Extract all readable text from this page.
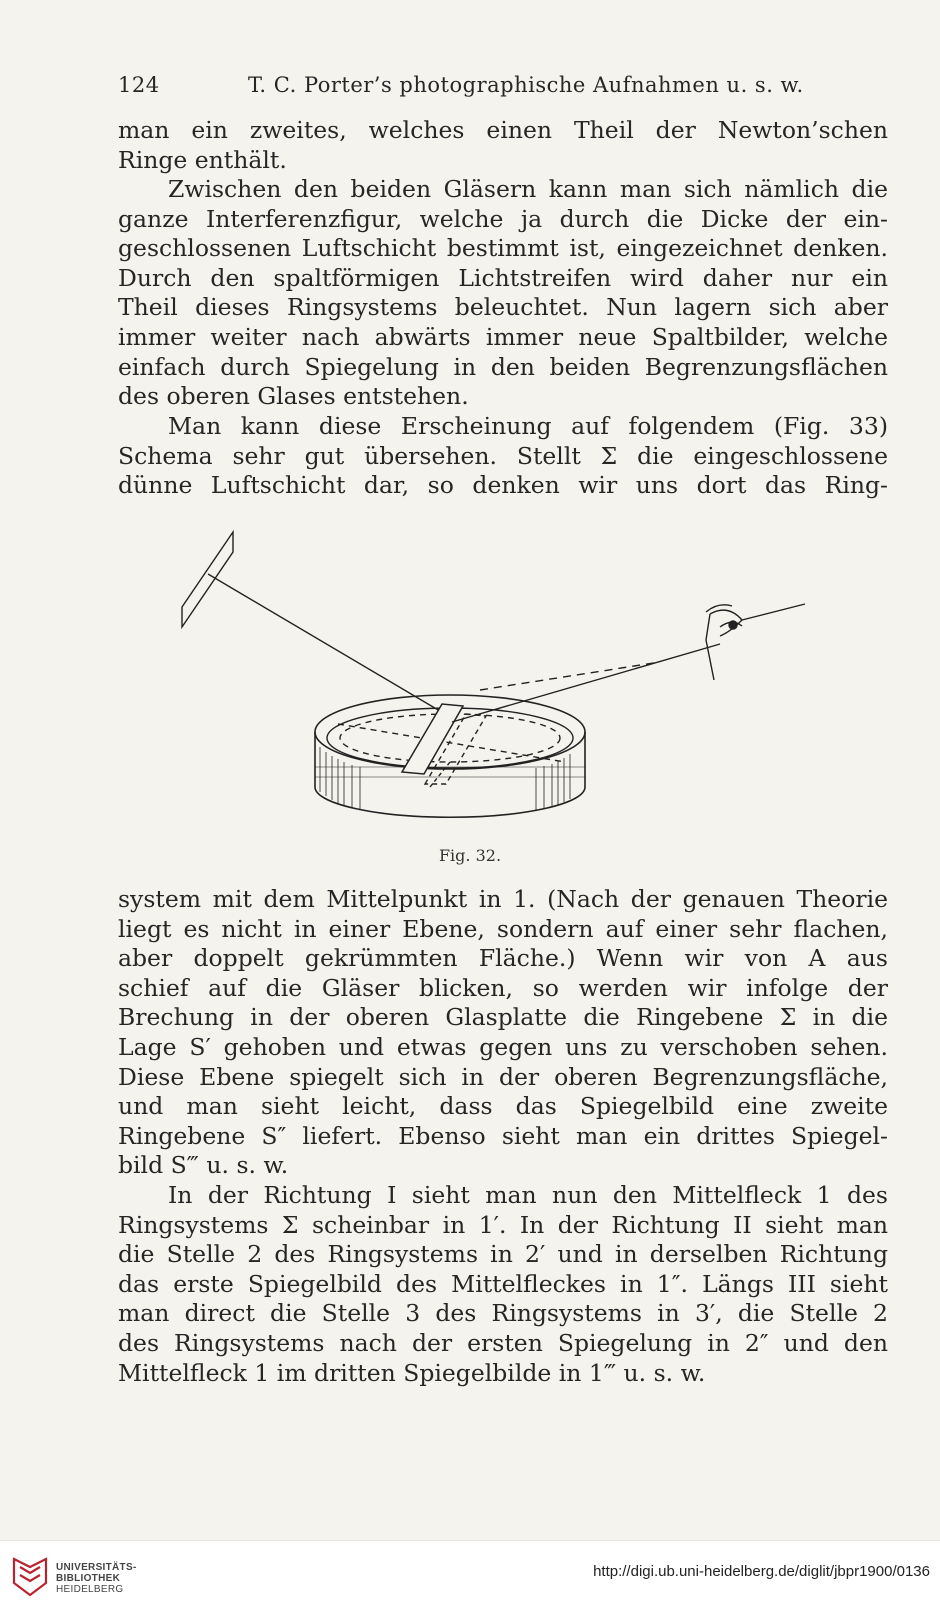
124	T. C. Porter’s photographische Aufnahmen u. s. w.

man ein zweites, welches einen Theil der Newton’schen
Ringe enthält.

Zwischen den beiden Gläsern kann man sich nämlich die
ganze Interferenzfigur, welche ja durch die Dicke der ein-
geschlossenen Luftschicht bestimmt ist, eingezeichnet denken.
Durch den spaltförmigen Lichtstreifen wird daher nur ein
Theil dieses Ringsystems beleuchtet. Nun lagern sich aber
immer weiter nach abwärts immer neue Spaltbilder, welche
einfach durch Spiegelung in den beiden Begrenzungsflächen
des oberen Glases entstehen.

Man kann diese Erscheinung auf folgendem (Fig. 33)
Schema sehr gut übersehen. Stellt Σ die eingeschlossene
dünne Luftschicht dar, so denken wir uns dort das Ring-

Fig. 32.

system mit dem Mittelpunkt in 1. (Nach der genauen Theorie
liegt es nicht in einer Ebene, sondern auf einer sehr flachen,
aber doppelt gekrümmten Fläche.) Wenn wir von A aus
schief auf die Gläser blicken, so werden wir infolge der
Brechung in der oberen Glasplatte die Ringebene Σ in die
Lage S′ gehoben und etwas gegen uns zu verschoben sehen.
Diese Ebene spiegelt sich in der oberen Begrenzungsfläche,
und man sieht leicht, dass das Spiegelbild eine zweite
Ringebene S″ liefert. Ebenso sieht man ein drittes Spiegel-
bild S‴ u. s. w.

In der Richtung I sieht man nun den Mittelfleck 1 des
Ringsystems Σ scheinbar in 1′. In der Richtung II sieht man
die Stelle 2 des Ringsystems in 2′ und in derselben Richtung
das erste Spiegelbild des Mittelfleckes in 1″. Längs III sieht
man direct die Stelle 3 des Ringsystems in 3′, die Stelle 2
des Ringsystems nach der ersten Spiegelung in 2″ und den
Mittelfleck 1 im dritten Spiegelbilde in 1‴ u. s. w.

UNIVERSITÄTS-
BIBLIOTHEK
HEIDELBERG
http://digi.ub.uni-heidelberg.de/diglit/jbpr1900/0136
